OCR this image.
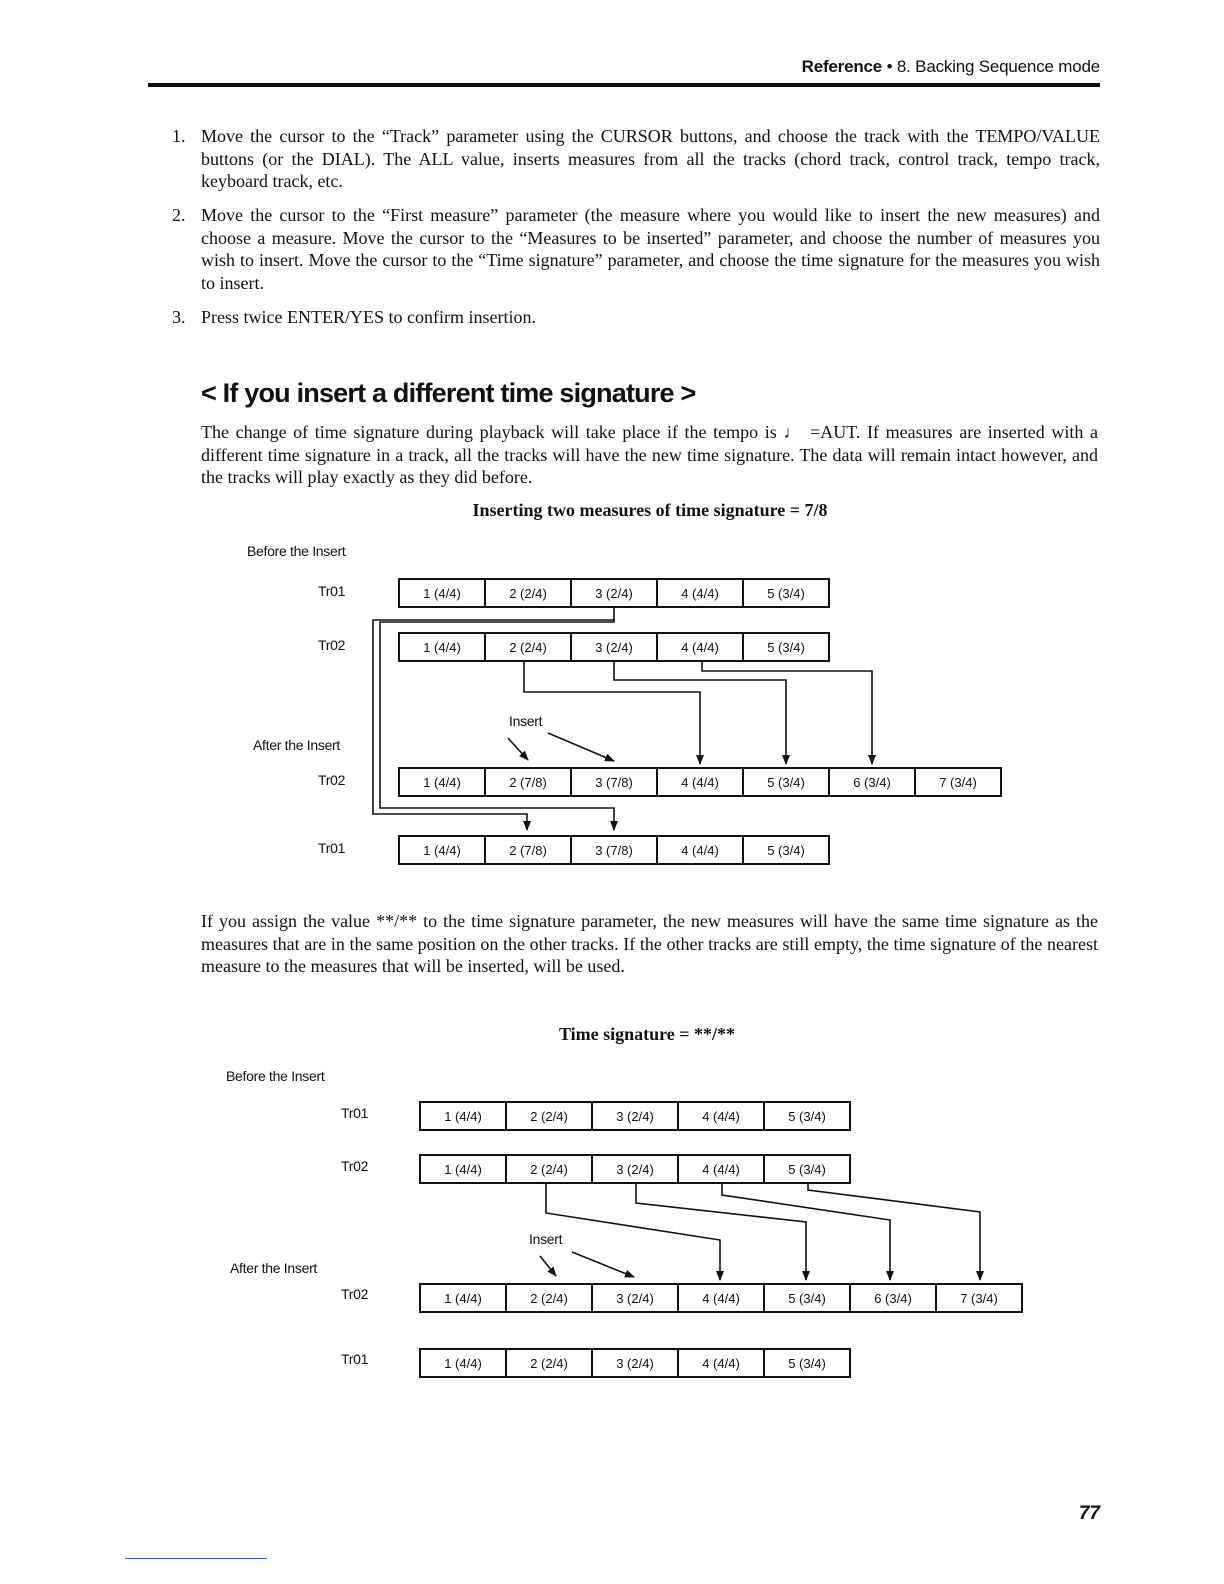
Reference • 8. Backing Sequence mode
1. Move the cursor to the “Track” parameter using the CURSOR buttons, and choose the track with the TEMPO/VALUE buttons (or the DIAL). The ALL value, inserts measures from all the tracks (chord track, control track, tempo track, keyboard track, etc.
2. Move the cursor to the “First measure” parameter (the measure where you would like to insert the new measures) and choose a measure. Move the cursor to the “Measures to be inserted” parameter, and choose the number of measures you wish to insert. Move the cursor to the “Time signature” parameter, and choose the time signature for the measures you wish to insert.
3. Press twice ENTER/YES to confirm insertion.
< If you insert a different time signature >
The change of time signature during playback will take place if the tempo is ♩ =AUT. If measures are inserted with a different time signature in a track, all the tracks will have the new time signature. The data will remain intact however, and the tracks will play exactly as they did before.
Inserting two measures of time signature = 7/8
Before the Insert
After the Insert
Insert
Tr01
Tr02
Tr02
Tr01
1 (4/4)	2 (2/4)	3 (2/4)	4 (4/4)	5 (3/4)
1 (4/4)	2 (2/4)	3 (2/4)	4 (4/4)	5 (3/4)
1 (4/4)	2 (7/8)	3 (7/8)	4 (4/4)	5 (3/4)	6 (3/4)	7 (3/4)
1 (4/4)	2 (7/8)	3 (7/8)	4 (4/4)	5 (3/4)
If you assign the value **/** to the time signature parameter, the new measures will have the same time signature as the measures that are in the same position on the other tracks. If the other tracks are still empty, the time signature of the nearest measure to the measures that will be inserted, will be used.
Time signature = **/**
Before the Insert
After the Insert
Insert
Tr01
Tr02
Tr02
Tr01
1 (4/4)	2 (2/4)	3 (2/4)	4 (4/4)	5 (3/4)
1 (4/4)	2 (2/4)	3 (2/4)	4 (4/4)	5 (3/4)
1 (4/4)	2 (2/4)	3 (2/4)	4 (4/4)	5 (3/4)	6 (3/4)	7 (3/4)
1 (4/4)	2 (2/4)	3 (2/4)	4 (4/4)	5 (3/4)
77
